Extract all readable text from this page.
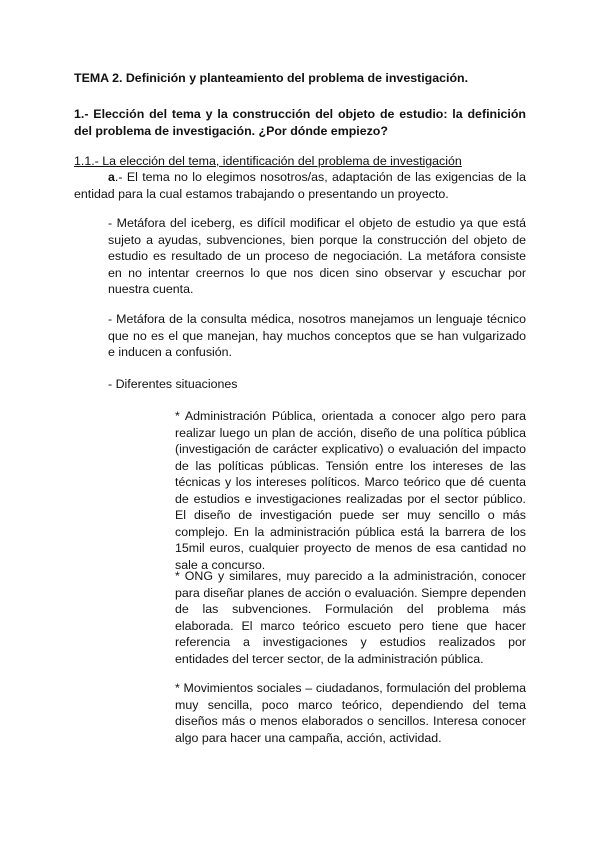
TEMA 2. Definición y planteamiento del problema de investigación.
1.- Elección del tema y la construcción del objeto de estudio: la definición del problema de investigación. ¿Por dónde empiezo?
1.1.- La elección del tema, identificación del problema de investigación
a.- El tema no lo elegimos nosotros/as, adaptación de las exigencias de la entidad para la cual estamos trabajando o presentando un proyecto.
- Metáfora del iceberg, es difícil modificar el objeto de estudio ya que está sujeto a ayudas, subvenciones, bien porque la construcción del objeto de estudio es resultado de un proceso de negociación. La metáfora consiste en no intentar creernos lo que nos dicen sino observar y escuchar por nuestra cuenta.
- Metáfora de la consulta médica, nosotros manejamos un lenguaje técnico que no es el que manejan, hay muchos conceptos que se han vulgarizado e inducen a confusión.
- Diferentes situaciones
* Administración Pública, orientada a conocer algo pero para realizar luego un plan de acción, diseño de una política pública (investigación de carácter explicativo) o evaluación del impacto de las políticas públicas. Tensión entre los intereses de las técnicas y los intereses políticos. Marco teórico que dé cuenta de estudios e investigaciones realizadas por el sector público. El diseño de investigación puede ser muy sencillo o más complejo. En la administración pública está la barrera de los 15mil euros, cualquier proyecto de menos de esa cantidad no sale a concurso.
* ONG y similares, muy parecido a la administración, conocer para diseñar planes de acción o evaluación. Siempre dependen de las subvenciones. Formulación del problema más elaborada. El marco teórico escueto pero tiene que hacer referencia a investigaciones y estudios realizados por entidades del tercer sector, de la administración pública.
* Movimientos sociales – ciudadanos, formulación del problema muy sencilla, poco marco teórico, dependiendo del tema diseños más o menos elaborados o sencillos. Interesa conocer algo para hacer una campaña, acción, actividad.
